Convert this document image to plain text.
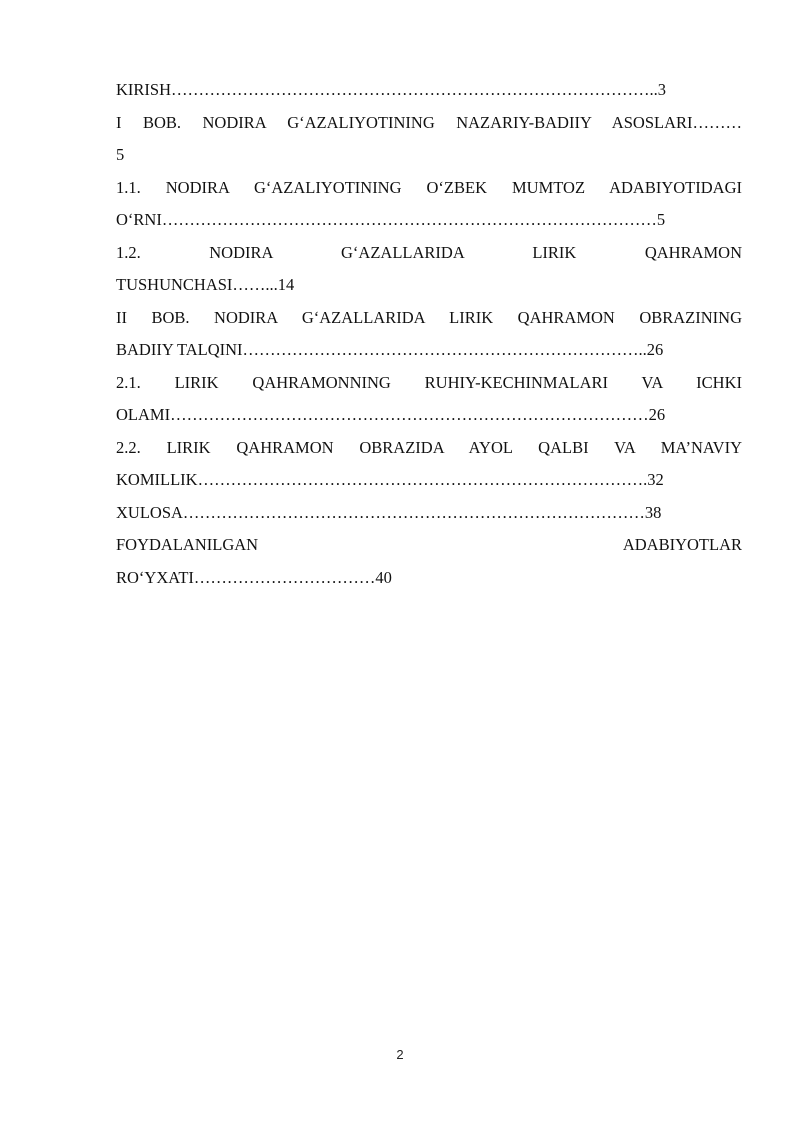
KIRISH……………………………………………………………………………..3
I BOB. NODIRA G‘AZALIYOTINING NAZARIY-BADIIY ASOSLARI………
5
1.1. NODIRA G‘AZALIYOTINING O‘ZBEK MUMTOZ ADABIYOTIDAGI
O‘RNI………………………………………………………………………………5
1.2. NODIRA G‘AZALLARIDA LIRIK QAHRAMON
TUSHUNCHASI……...14
II BOB. NODIRA G‘AZALLARIDA LIRIK QAHRAMON OBRAZINING
BADIIY TALQINI………………………………………………………………..26
2.1. LIRIK QAHRAMONNING RUHIY-KECHINMALARI VA ICHKI
OLAMI……………………………………………………………………………26
2.2. LIRIK QAHRAMON OBRAZIDA AYOL QALBI VA MA’NAVIY
KOMILLIK……………………………………………………………………….32
XULOSA…………………………………………………………………………38
FOYDALANILGAN ADABIYOTLAR
RO‘YXATI……………………………40
2
